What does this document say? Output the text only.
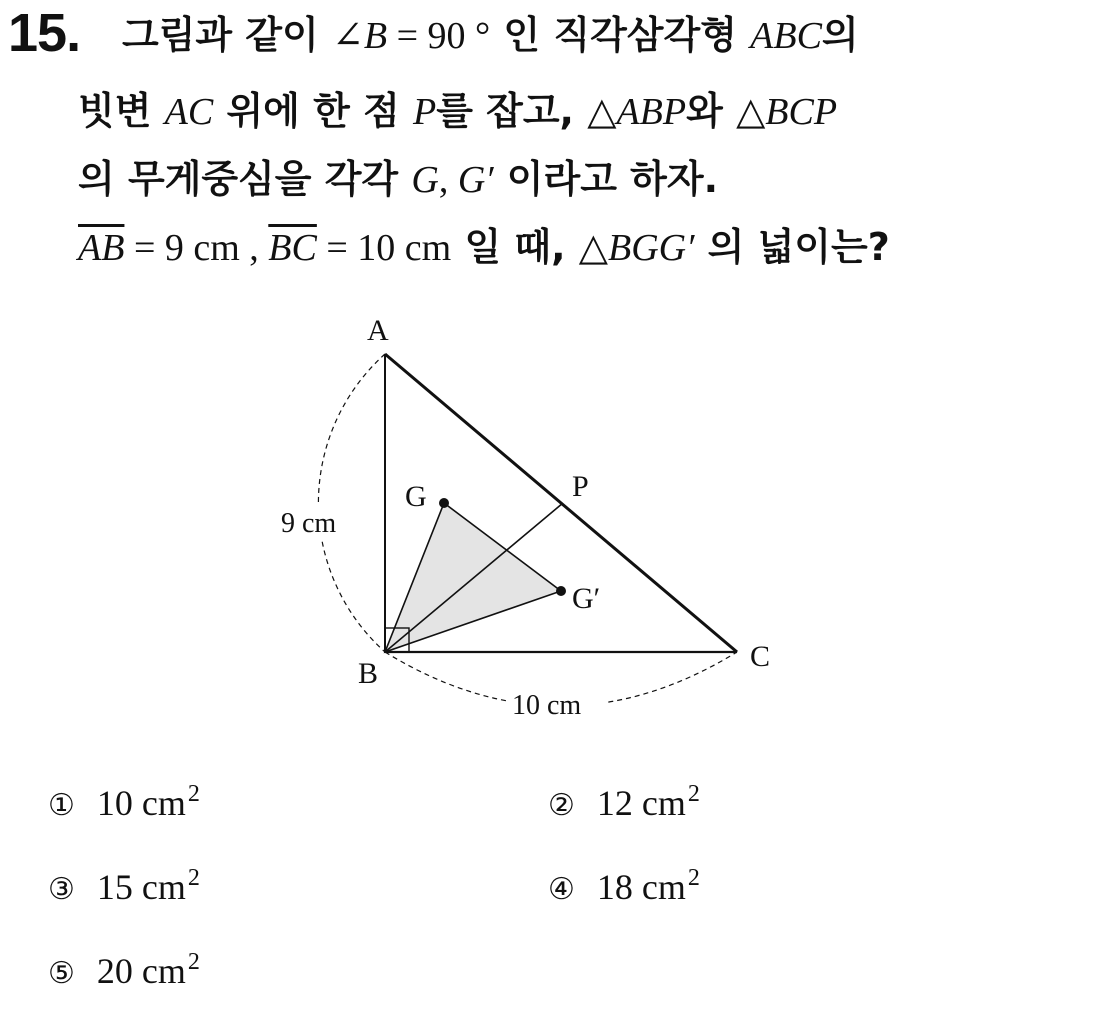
15. 그림과 같이 ∠B = 90 ° 인 직각삼각형 ABC의
빗변 AC 위에 한 점 P를 잡고, △ABP와 △BCP
의 무게중심을 각각 G, G′ 이라고 하자.
$\overline{AB} = 9$ cm , $\overline{BC} = 10$ cm 일 때, △BGG′ 의 넓이는?
A
B
C
P
G
G′
9 cm
10 cm
① 10 $cm^2$	② 12 $cm^2$
③ 15 $cm^2$	④ 18 $cm^2$
⑤ 20 $cm^2$
